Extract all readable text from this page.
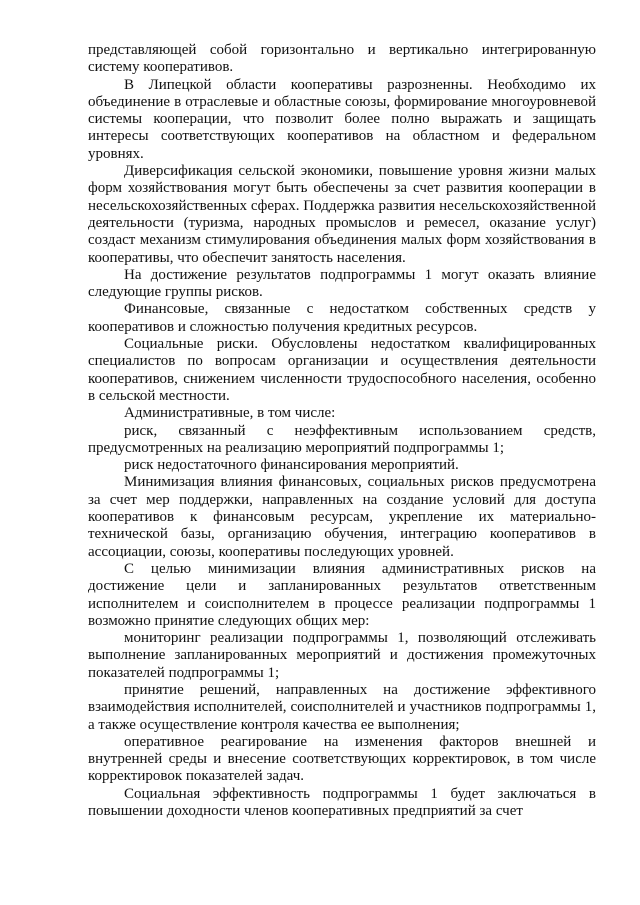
представляющей собой горизонтально и вертикально интегрированную систему кооперативов.

В Липецкой области кооперативы разрозненны. Необходимо их объединение в отраслевые и областные союзы, формирование многоуровневой системы кооперации, что позволит более полно выражать и защищать интересы соответствующих кооперативов на областном и федеральном уровнях.

Диверсификация сельской экономики, повышение уровня жизни малых форм хозяйствования могут быть обеспечены за счет развития кооперации в несельскохозяйственных сферах. Поддержка развития несельскохозяйственной деятельности (туризма, народных промыслов и ремесел, оказание услуг) создаст механизм стимулирования объединения малых форм хозяйствования в кооперативы, что обеспечит занятость населения.

На достижение результатов подпрограммы 1 могут оказать влияние следующие группы рисков.

Финансовые, связанные с недостатком собственных средств у кооперативов и сложностью получения кредитных ресурсов.

Социальные риски. Обусловлены недостатком квалифицированных специалистов по вопросам организации и осуществления деятельности кооперативов, снижением численности трудоспособного населения, особенно в сельской местности.

Административные, в том числе:

риск, связанный с неэффективным использованием средств, предусмотренных на реализацию мероприятий подпрограммы 1;

риск недостаточного финансирования мероприятий.

Минимизация влияния финансовых, социальных рисков предусмотрена за счет мер поддержки, направленных на создание условий для доступа кооперативов к финансовым ресурсам, укрепление их материально-технической базы, организацию обучения, интеграцию кооперативов в ассоциации, союзы, кооперативы последующих уровней.

С целью минимизации влияния административных рисков на достижение цели и запланированных результатов ответственным исполнителем и соисполнителем в процессе реализации подпрограммы 1 возможно принятие следующих общих мер:

мониторинг реализации подпрограммы 1, позволяющий отслеживать выполнение запланированных мероприятий и достижения промежуточных показателей подпрограммы 1;

принятие решений, направленных на достижение эффективного взаимодействия исполнителей, соисполнителей и участников подпрограммы 1, а также осуществление контроля качества ее выполнения;

оперативное реагирование на изменения факторов внешней и внутренней среды и внесение соответствующих корректировок, в том числе корректировок показателей задач.

Социальная эффективность подпрограммы 1 будет заключаться в повышении доходности членов кооперативных предприятий за счет
